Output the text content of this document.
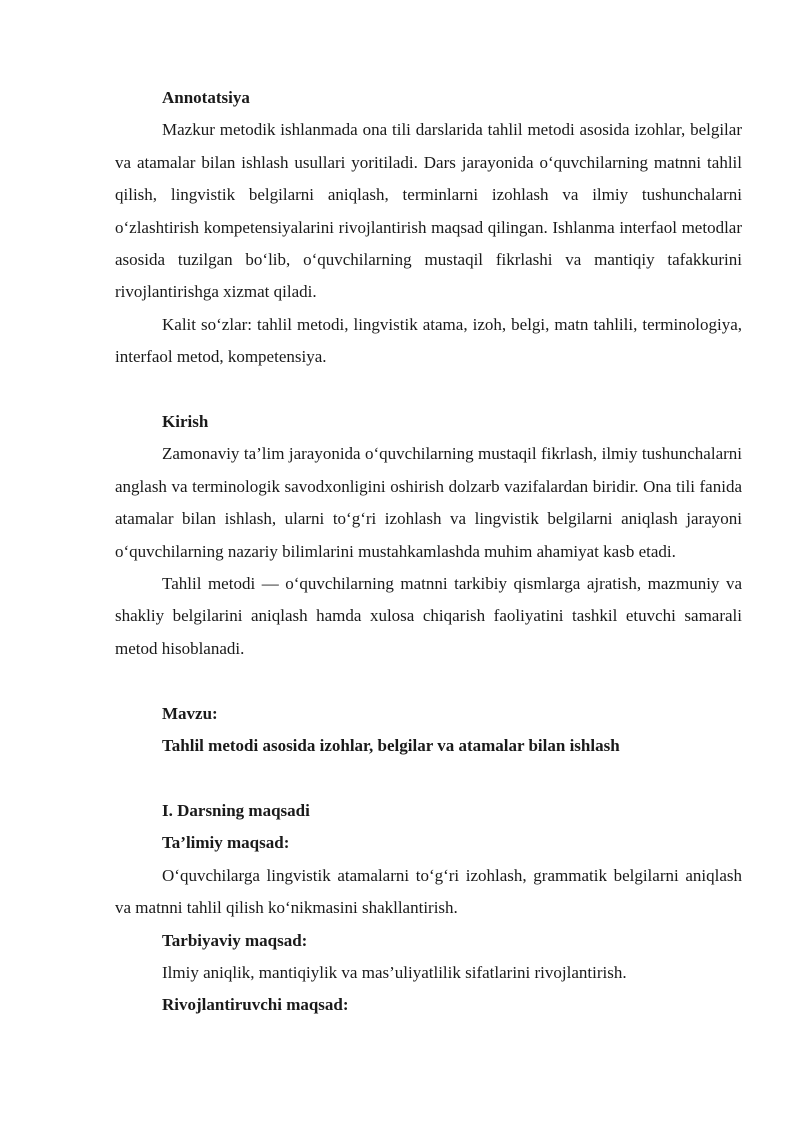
Annotatsiya

Mazkur metodik ishlanmada ona tili darslarida tahlil metodi asosida izohlar, belgilar va atamalar bilan ishlash usullari yoritiladi. Dars jarayonida o‘quvchilarning matnni tahlil qilish, lingvistik belgilarni aniqlash, terminlarni izohlash va ilmiy tushunchalarni o‘zlashtirish kompetensiyalarini rivojlantirish maqsad qilingan. Ishlanma interfaol metodlar asosida tuzilgan bo‘lib, o‘quvchilarning mustaqil fikrlashi va mantiqiy tafakkurini rivojlantirishga xizmat qiladi.

Kalit so‘zlar: tahlil metodi, lingvistik atama, izoh, belgi, matn tahlili, terminologiya, interfaol metod, kompetensiya.

Kirish

Zamonaviy ta’lim jarayonida o‘quvchilarning mustaqil fikrlash, ilmiy tushunchalarni anglash va terminologik savodxonligini oshirish dolzarb vazifalardan biridir. Ona tili fanida atamalar bilan ishlash, ularni to‘g‘ri izohlash va lingvistik belgilarni aniqlash jarayoni o‘quvchilarning nazariy bilimlarini mustahkamlashda muhim ahamiyat kasb etadi.

Tahlil metodi — o‘quvchilarning matnni tarkibiy qismlarga ajratish, mazmuniy va shakliy belgilarini aniqlash hamda xulosa chiqarish faoliyatini tashkil etuvchi samarali metod hisoblanadi.

Mavzu:

Tahlil metodi asosida izohlar, belgilar va atamalar bilan ishlash

I. Darsning maqsadi

Ta’limiy maqsad:

O‘quvchilarga lingvistik atamalarni to‘g‘ri izohlash, grammatik belgilarni aniqlash va matnni tahlil qilish ko‘nikmasini shakllantirish.

Tarbiyaviy maqsad:

Ilmiy aniqlik, mantiqiylik va mas’uliyatlilik sifatlarini rivojlantirish.

Rivojlantiruvchi maqsad:
